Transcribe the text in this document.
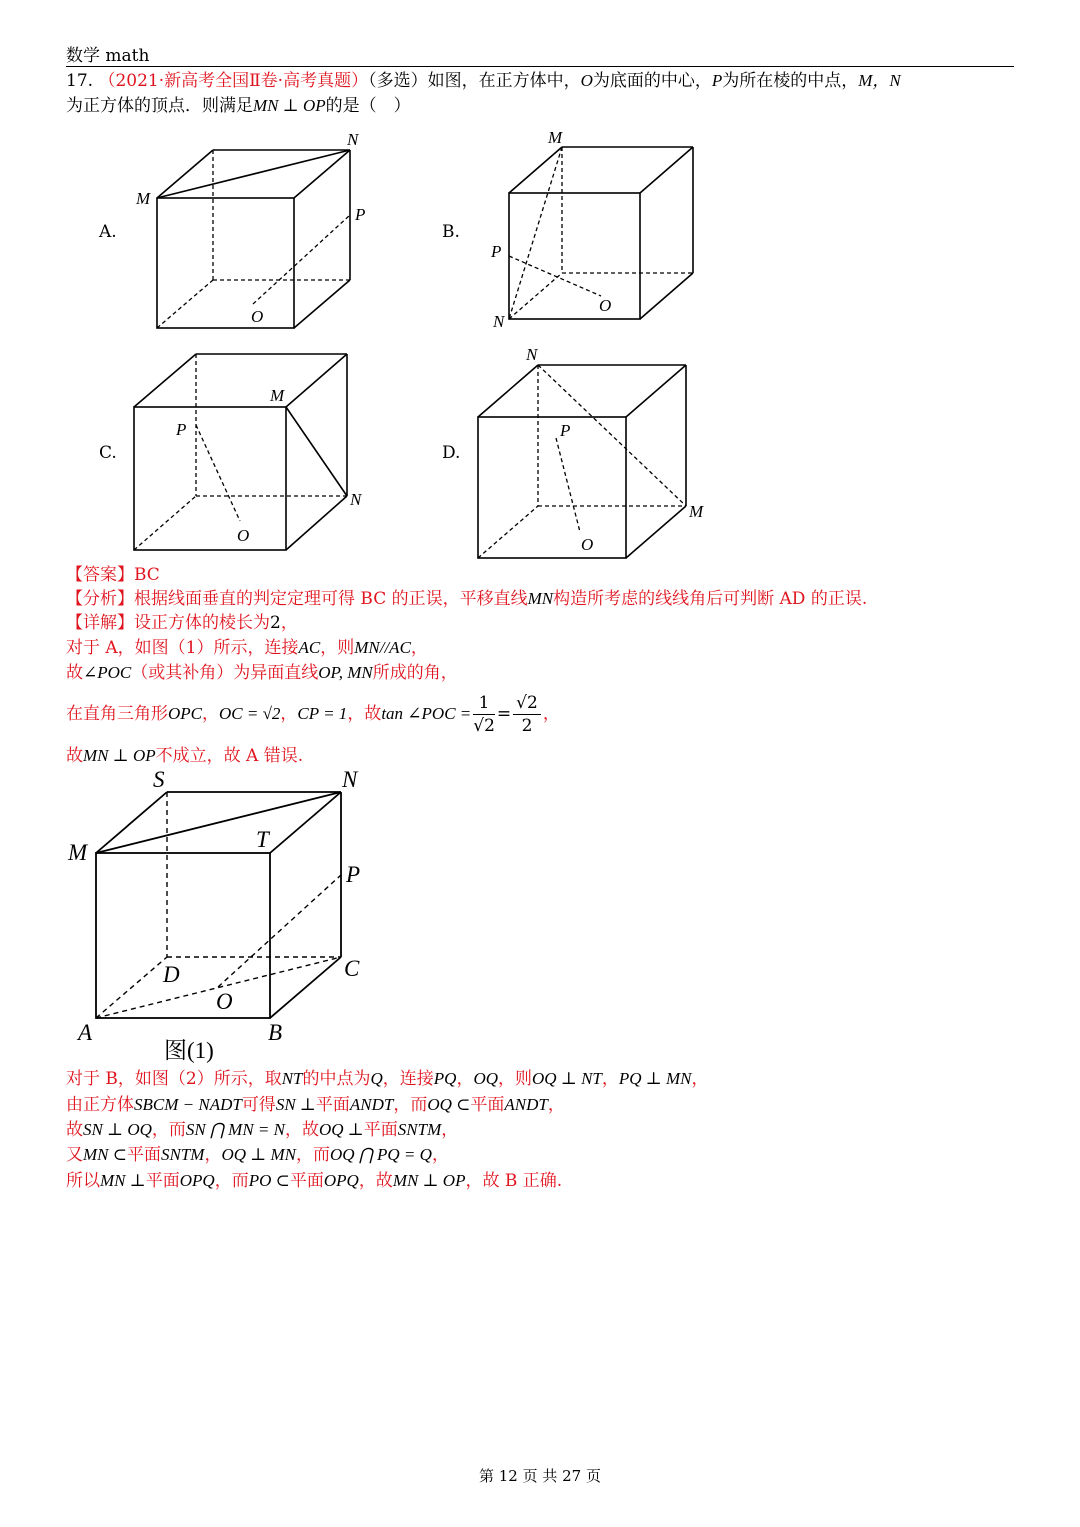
数学 math
17. （2021·新高考全国Ⅱ卷·高考真题）（多选）如图，在正方体中，O为底面的中心，P为所在棱的中点，M，N
为正方体的顶点．则满足MN ⊥ OP的是（　）
A.	B.
C.	D.
N
M
P
O
M
P
O
N
M
P
N
O
N
P
M
O
【答案】BC
【分析】根据线面垂直的判定定理可得 BC 的正误，平移直线MN构造所考虑的线线角后可判断 AD 的正误.
【详解】设正方体的棱长为2，
对于 A，如图（1）所示，连接AC，则MN//AC，
故∠POC（或其补角）为异面直线OP, MN所成的角，
在直角三角形OPC，OC = √2，CP = 1，故tan ∠POC = $\frac{1}{√2} = \frac{√2}{2}$ ，
故MN ⊥ OP不成立，故 A 错误.
S	N
M
T
P
D	C
O
A	B
图(1)
对于 B，如图（2）所示，取NT的中点为Q，连接PQ，OQ，则OQ ⊥ NT，PQ ⊥ MN，
由正方体SBCM − NADT可得SN ⊥平面ANDT，而OQ ⊂平面ANDT，
故SN ⊥ OQ，而SN ⋂ MN = N，故OQ ⊥平面SNTM，
又MN ⊂平面SNTM，OQ ⊥ MN，而OQ ⋂ PQ = Q，
所以MN ⊥平面OPQ，而PO ⊂平面OPQ，故MN ⊥ OP，故 B 正确.
第 12 页 共 27 页
